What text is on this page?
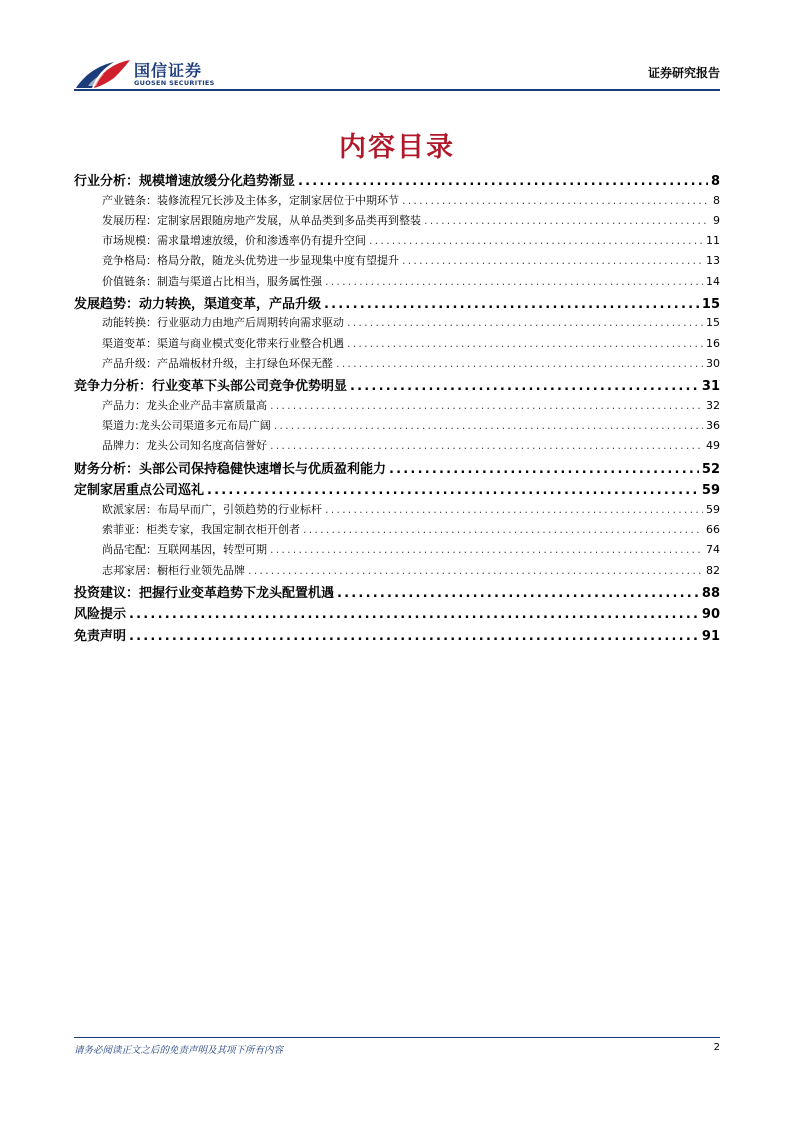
国信证券
GUOSEN SECURITIES
证券研究报告
内容目录
行业分析：规模增速放缓分化趋势渐显 .....	8
产业链条：装修流程冗长涉及主体多，定制家居位于中期环节 .....	8
发展历程：定制家居跟随房地产发展，从单品类到多品类再到整装 .....	9
市场规模：需求量增速放缓，价和渗透率仍有提升空间 .....	11
竞争格局：格局分散，随龙头优势进一步显现集中度有望提升 .....	13
价值链条：制造与渠道占比相当，服务属性强 .....	14
发展趋势：动力转换，渠道变革，产品升级 .....	15
动能转换：行业驱动力由地产后周期转向需求驱动 .....	15
渠道变革：渠道与商业模式变化带来行业整合机遇 .....	16
产品升级：产品端板材升级，主打绿色环保无醛 .....	30
竞争力分析：行业变革下头部公司竞争优势明显 .....	31
产品力：龙头企业产品丰富质量高 .....	32
渠道力:龙头公司渠道多元布局广阔 .....	36
品牌力：龙头公司知名度高信誉好 .....	49
财务分析：头部公司保持稳健快速增长与优质盈利能力 .....	52
定制家居重点公司巡礼 .....	59
欧派家居：布局早而广，引领趋势的行业标杆 .....	59
索菲亚：柜类专家，我国定制衣柜开创者 .....	66
尚品宅配：互联网基因，转型可期 .....	74
志邦家居：橱柜行业领先品牌 .....	82
投资建议：把握行业变革趋势下龙头配置机遇 .....	88
风险提示 .....	90
免责声明 .....	91
请务必阅读正文之后的免责声明及其项下所有内容	2
